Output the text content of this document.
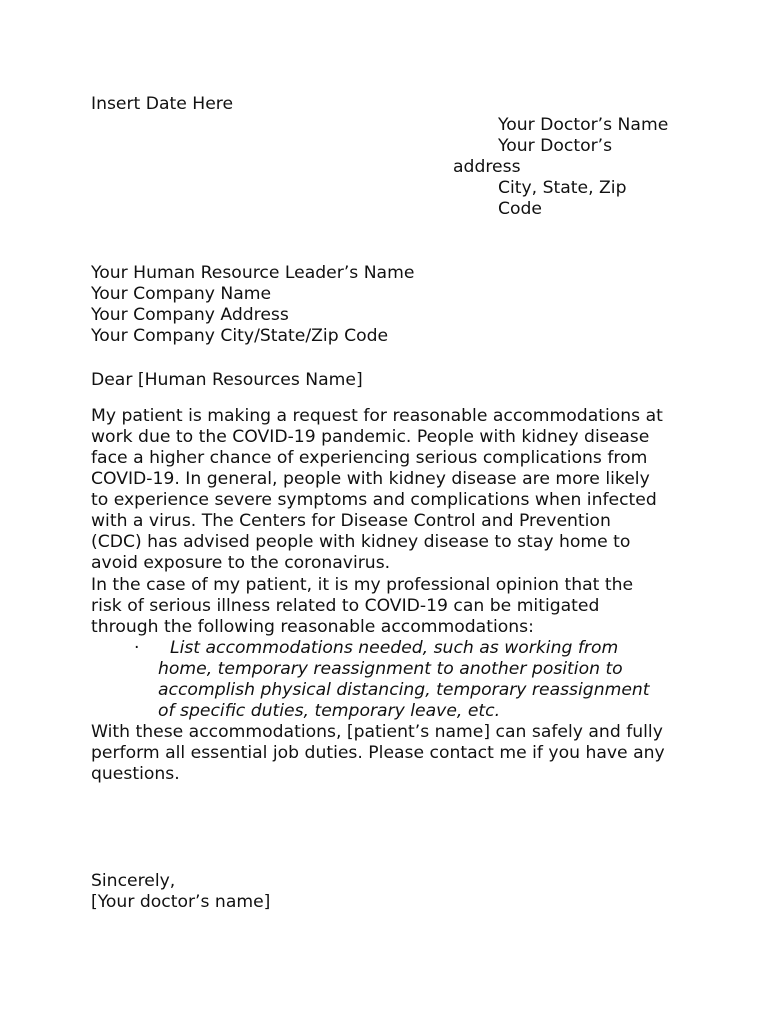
Insert Date Here
Your Doctor’s Name
Your Doctor’s
address
City, State, Zip
Code
Your Human Resource Leader’s Name
Your Company Name
Your Company Address
Your Company City/State/Zip Code
Dear [Human Resources Name]
My patient is making a request for reasonable accommodations at
work due to the COVID-19 pandemic. People with kidney disease
face a higher chance of experiencing serious complications from
COVID-19. In general, people with kidney disease are more likely
to experience severe symptoms and complications when infected
with a virus. The Centers for Disease Control and Prevention
(CDC) has advised people with kidney disease to stay home to
avoid exposure to the coronavirus.
In the case of my patient, it is my professional opinion that the
risk of serious illness related to COVID-19 can be mitigated
through the following reasonable accommodations:
· List accommodations needed, such as working from
home, temporary reassignment to another position to
accomplish physical distancing, temporary reassignment
of specific duties, temporary leave, etc.
With these accommodations, [patient’s name] can safely and fully
perform all essential job duties. Please contact me if you have any
questions.
Sincerely,
[Your doctor’s name]
